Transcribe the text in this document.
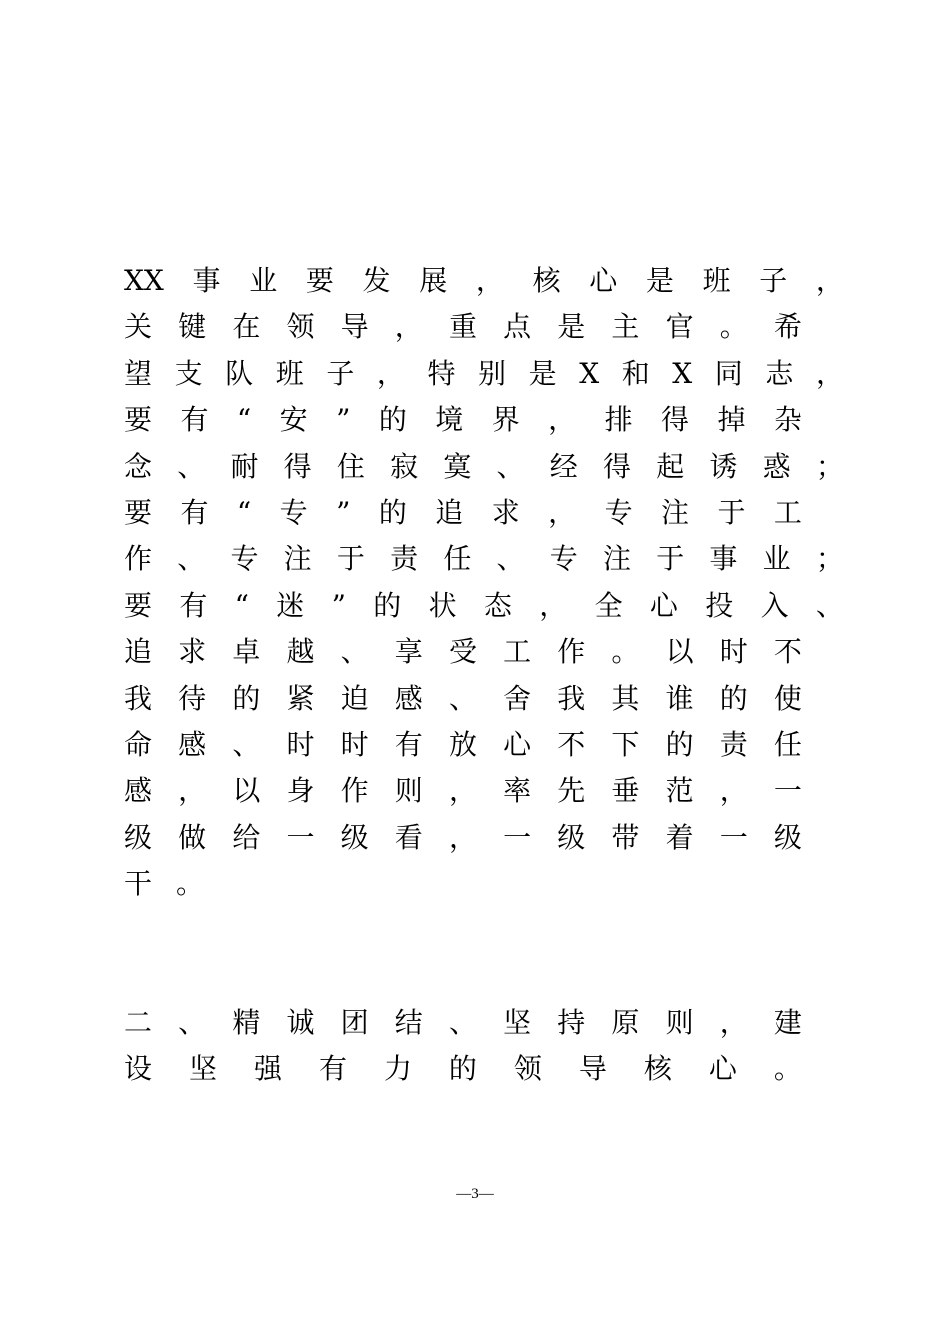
XX 事 业 要 发 展 ， 核 心 是 班 子 ，
关 键 在 领 导 ， 重 点 是 主 官 。 希
望 支 队 班 子 ， 特 别 是 X 和 X 同 志 ，
要 有 “ 安 ” 的 境 界 ， 排 得 掉 杂
念 、 耐 得 住 寂 寞 、 经 得 起 诱 惑 ；
要 有 “ 专 ” 的 追 求 ， 专 注 于 工
作 、 专 注 于 责 任 、 专 注 于 事 业 ；
要 有 “ 迷 ” 的 状 态 ， 全 心 投 入 、
追 求 卓 越 、 享 受 工 作 。 以 时 不
我 待 的 紧 迫 感 、 舍 我 其 谁 的 使
命 感 、 时 时 有 放 心 不 下 的 责 任
感 ， 以 身 作 则 ， 率 先 垂 范 ， 一
级 做 给 一 级 看 ， 一 级 带 着 一 级
干 。
二 、 精 诚 团 结 、 坚 持 原 则 ， 建
设 坚 强 有 力 的 领 导 核 心 。
—3—
